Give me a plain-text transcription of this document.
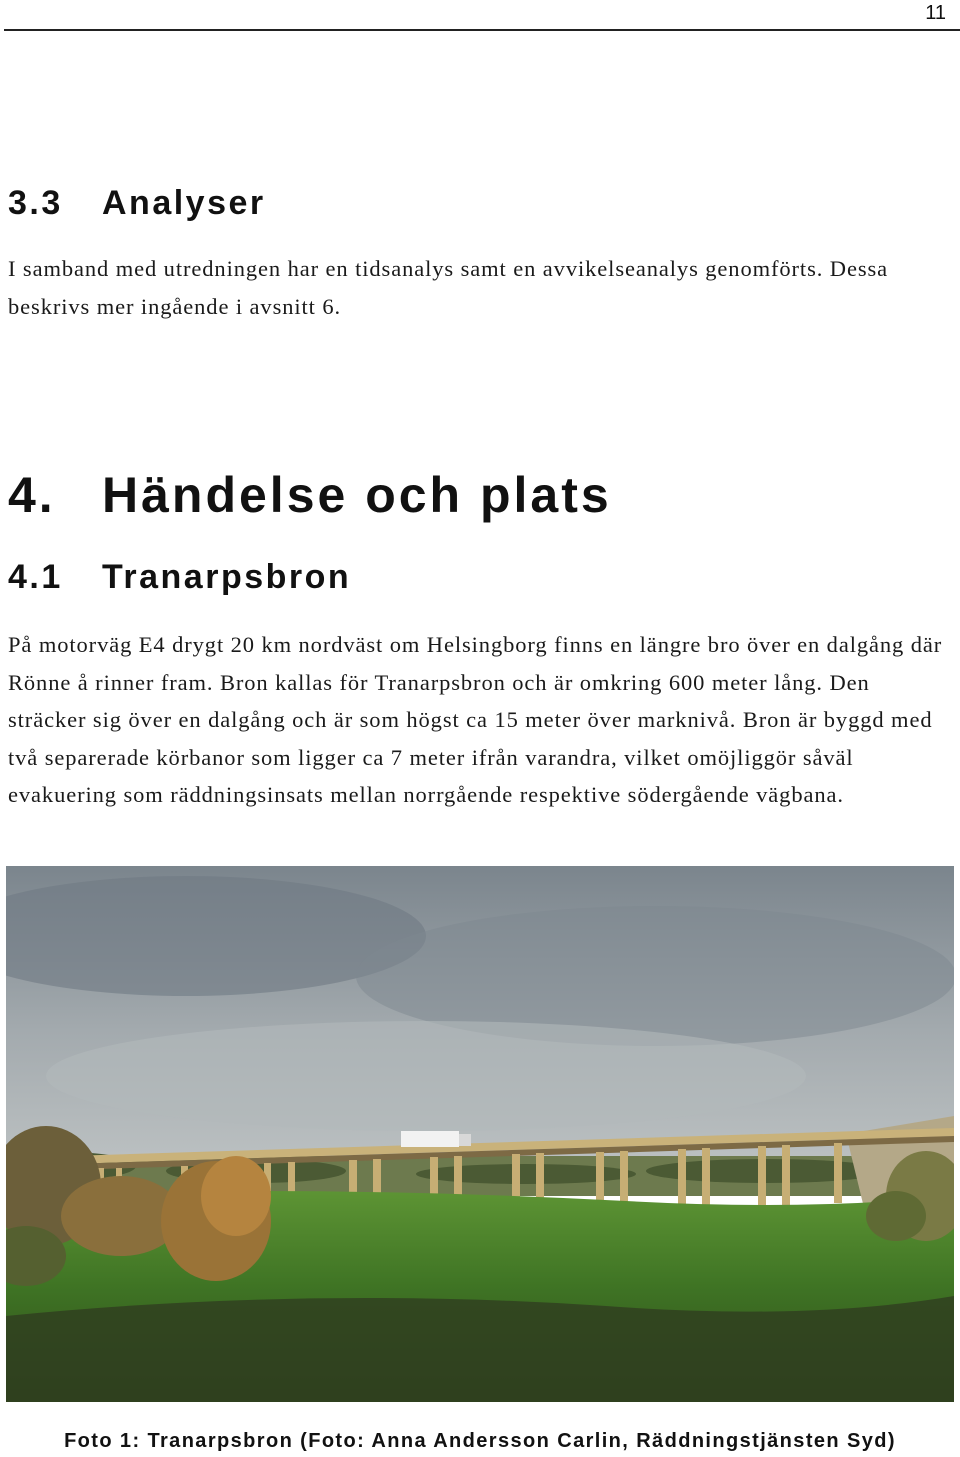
11
3.3 Analyser

I samband med utredningen har en tidsanalys samt en avvikelseanalys genomförts. Dessa beskrivs mer ingående i avsnitt 6.

4. Händelse och plats
4.1 Tranarpsbron

På motorväg E4 drygt 20 km nordväst om Helsingborg finns en längre bro över en dalgång där Rönne å rinner fram. Bron kallas för Tranarpsbron och är omkring 600 meter lång. Den sträcker sig över en dalgång och är som högst ca 15 meter över marknivå. Bron är byggd med två separerade körbanor som ligger ca 7 meter ifrån varandra, vilket omöjliggör såväl evakuering som räddningsinsats mellan norrgående respektive södergående vägbana.

Foto 1: Tranarpsbron (Foto: Anna Andersson Carlin, Räddningstjänsten Syd)
